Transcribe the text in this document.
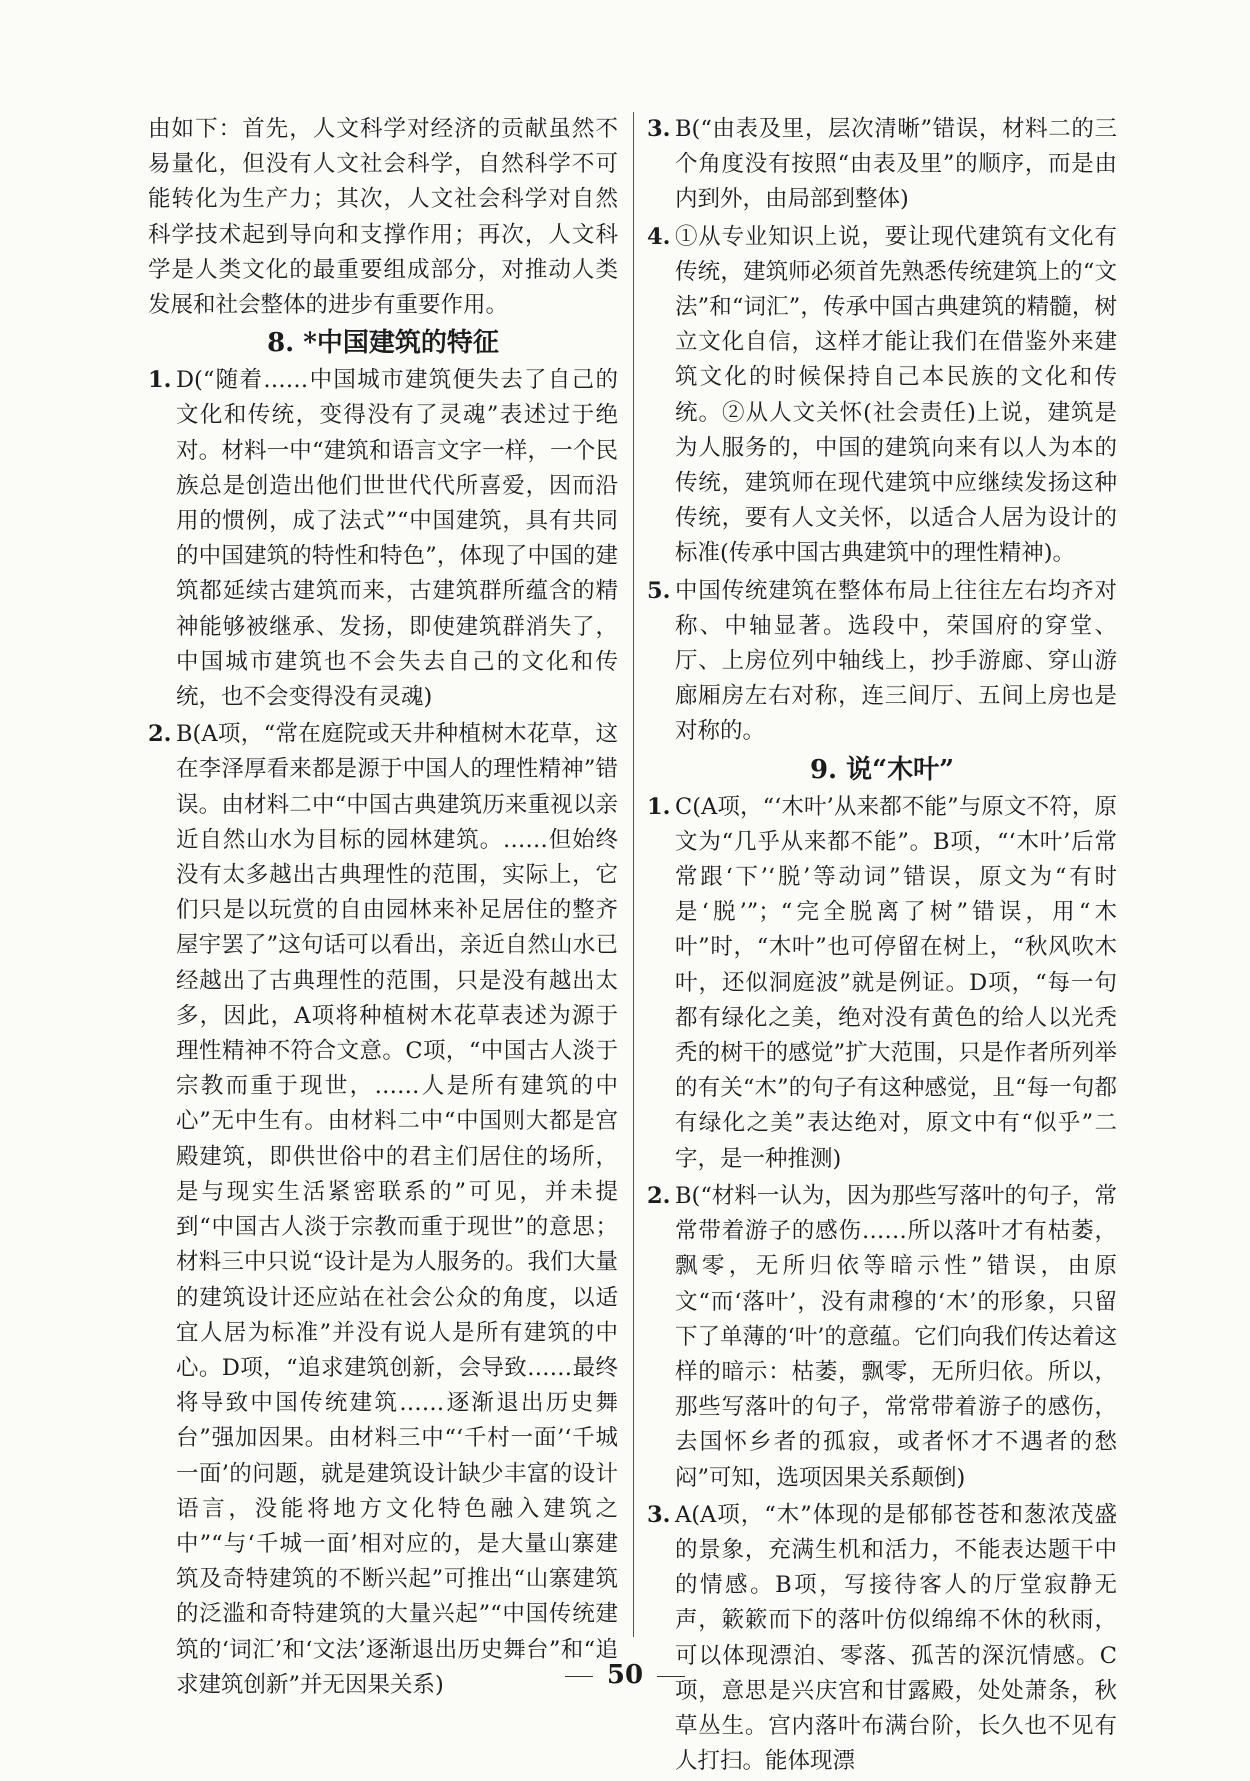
由如下：首先，人文科学对经济的贡献虽然不易量化，但没有人文社会科学，自然科学不可能转化为生产力；其次，人文社会科学对自然科学技术起到导向和支撑作用；再次，人文科学是人类文化的最重要组成部分，对推动人类发展和社会整体的进步有重要作用。

8. *中国建筑的特征
1. D(“随着……中国城市建筑便失去了自己的文化和传统，变得没有了灵魂”表述过于绝对。材料一中“建筑和语言文字一样，一个民族总是创造出他们世世代代所喜爱，因而沿用的惯例，成了法式”“中国建筑，具有共同的中国建筑的特性和特色”，体现了中国的建筑都延续古建筑而来，古建筑群所蕴含的精神能够被继承、发扬，即使建筑群消失了，中国城市建筑也不会失去自己的文化和传统，也不会变得没有灵魂)
2. B(A项，“常在庭院或天井种植树木花草，这在李泽厚看来都是源于中国人的理性精神”错误。由材料二中“中国古典建筑历来重视以亲近自然山水为目标的园林建筑。……但始终没有太多越出古典理性的范围，实际上，它们只是以玩赏的自由园林来补足居住的整齐屋宇罢了”这句话可以看出，亲近自然山水已经越出了古典理性的范围，只是没有越出太多，因此，A项将种植树木花草表述为源于理性精神不符合文意。C项，“中国古人淡于宗教而重于现世，……人是所有建筑的中心”无中生有。由材料二中“中国则大都是宫殿建筑，即供世俗中的君主们居住的场所，是与现实生活紧密联系的”可见，并未提到“中国古人淡于宗教而重于现世”的意思；材料三中只说“设计是为人服务的。我们大量的建筑设计还应站在社会公众的角度，以适宜人居为标准”并没有说人是所有建筑的中心。D项，“追求建筑创新，会导致……最终将导致中国传统建筑……逐渐退出历史舞台”强加因果。由材料三中“‘千村一面’‘千城一面’的问题，就是建筑设计缺少丰富的设计语言，没能将地方文化特色融入建筑之中”“与‘千城一面’相对应的，是大量山寨建筑及奇特建筑的不断兴起”可推出“山寨建筑的泛滥和奇特建筑的大量兴起”“中国传统建筑的‘词汇’和‘文法’逐渐退出历史舞台”和“追求建筑创新”并无因果关系)
3. B(“由表及里，层次清晰”错误，材料二的三个角度没有按照“由表及里”的顺序，而是由内到外，由局部到整体)
4. ①从专业知识上说，要让现代建筑有文化有传统，建筑师必须首先熟悉传统建筑上的“文法”和“词汇”，传承中国古典建筑的精髓，树立文化自信，这样才能让我们在借鉴外来建筑文化的时候保持自己本民族的文化和传统。②从人文关怀(社会责任)上说，建筑是为人服务的，中国的建筑向来有以人为本的传统，建筑师在现代建筑中应继续发扬这种传统，要有人文关怀，以适合人居为设计的标准(传承中国古典建筑中的理性精神)。
5. 中国传统建筑在整体布局上往往左右均齐对称、中轴显著。选段中，荣国府的穿堂、厅、上房位列中轴线上，抄手游廊、穿山游廊厢房左右对称，连三间厅、五间上房也是对称的。
9. 说“木叶”
1. C(A项，“‘木叶’从来都不能”与原文不符，原文为“几乎从来都不能”。B项，“‘木叶’后常常跟‘下’‘脱’等动词”错误，原文为“有时是‘脱’”；“完全脱离了树”错误，用“木叶”时，“木叶”也可停留在树上，“秋风吹木叶，还似洞庭波”就是例证。D项，“每一句都有绿化之美，绝对没有黄色的给人以光秃秃的树干的感觉”扩大范围，只是作者所列举的有关“木”的句子有这种感觉，且“每一句都有绿化之美”表达绝对，原文中有“似乎”二字，是一种推测)
2. B(“材料一认为，因为那些写落叶的句子，常常带着游子的感伤……所以落叶才有枯萎，飘零，无所归依等暗示性”错误，由原文“而‘落叶’，没有肃穆的‘木’的形象，只留下了单薄的‘叶’的意蕴。它们向我们传达着这样的暗示：枯萎，飘零，无所归依。所以，那些写落叶的句子，常常带着游子的感伤，去国怀乡者的孤寂，或者怀才不遇者的愁闷”可知，选项因果关系颠倒)
3. A(A项，“木”体现的是郁郁苍苍和葱浓茂盛的景象，充满生机和活力，不能表达题干中的情感。B项，写接待客人的厅堂寂静无声，簌簌而下的落叶仿似绵绵不休的秋雨，可以体现漂泊、零落、孤苦的深沉情感。C项，意思是兴庆宫和甘露殿，处处萧条，秋草丛生。宫内落叶布满台阶，长久也不见有人打扫。能体现漂
50
